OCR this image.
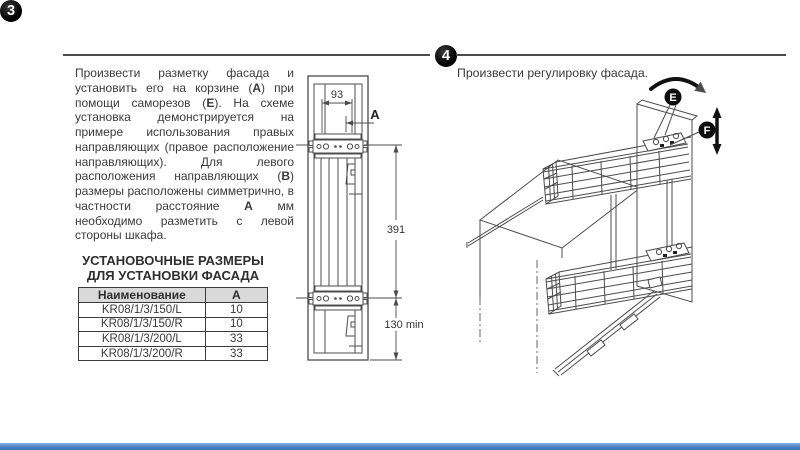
3

Произвести разметку фасада и установить его на корзине (А) при помощи саморезов (Е). На схеме установка демонстрируется на примере использования правых направляющих (правое расположение направляющих). Для левого расположения направляющих (В) размеры расположены симметрично, в частности расстояние А мм необходимо разметить с левой стороны шкафа.

УСТАНОВОЧНЫЕ РАЗМЕРЫ
ДЛЯ УСТАНОВКИ ФАСАДА
Наименование	А
KR08/1/3/150/L	10
KR08/1/3/150/R	10
KR08/1/3/200/L	33
KR08/1/3/200/R	33
93
A
391
130 min
4

Произвести регулировку фасада.

E
F
